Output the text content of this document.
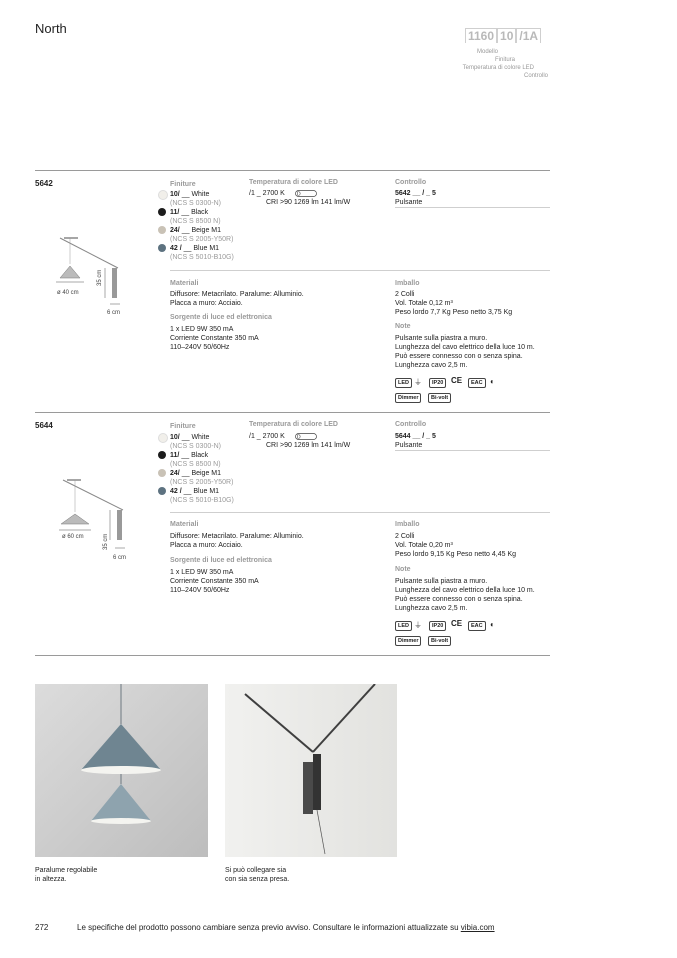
North	1160 10 /1A
Modello
Finitura
Temperatura di colore LED
Controllo
5642
ø 40 cm
35 cm
6 cm
Finiture
10/ __ White
(NCS S 0300-N)
11/ __ Black
(NCS S 8500 N)
24/ __ Beige M1
(NCS S 2005-Y50R)
42 / __ Blue M1
(NCS S 5010-B10G)
Temperatura di colore LED
/1 _ 2700 K D
CRI >90 1269 lm 141 lm/W
Controllo
5642 __ / _ 5
Pulsante
Materiali
Diffusore: Metacrilato. Paralume: Alluminio.
Placca a muro: Acciaio.
Sorgente di luce ed elettronica
1 x LED 9W 350 mA
Corriente Constante 350 mA
110–240V 50/60Hz
Imballo
2 Colli
Vol. Totale 0,12 m³
Peso lordo 7,7 Kg Peso netto 3,75 Kg
Note
Pulsante sulla piastra a muro.
Lunghezza del cavo elettrico della luce 10 m.
Può essere connesso con o senza spina.
Lunghezza cavo 2,5 m.
LED ⏚	IP20 CE	EAC ◐
Dimmer	Bi-volt
5644
ø 60 cm	35 cm
6 cm
Finiture
10/ __ White
(NCS S 0300-N)
11/ __ Black
(NCS S 8500 N)
24/ __ Beige M1
(NCS S 2005-Y50R)
42 / __ Blue M1
(NCS S 5010-B10G)
Temperatura di colore LED
/1 _ 2700 K D
CRI >90 1269 lm 141 lm/W
Controllo
5644 __ / _ 5
Pulsante
Materiali
Diffusore: Metacrilato. Paralume: Alluminio.
Placca a muro: Acciaio.
Sorgente di luce ed elettronica
1 x LED 9W 350 mA
Corriente Constante 350 mA
110–240V 50/60Hz
Imballo
2 Colli
Vol. Totale 0,20 m³
Peso lordo 9,15 Kg Peso netto 4,45 Kg
Note
Pulsante sulla piastra a muro.
Lunghezza del cavo elettrico della luce 10 m.
Può essere connesso con o senza spina.
Lunghezza cavo 2,5 m.
LED ⏚	IP20 CE	EAC ◐
Dimmer	Bi-volt
Paralume regolabile
in altezza.
Si può collegare sia
con sia senza presa.
272	Le specifiche del prodotto possono cambiare senza previo avviso. Consultare le informazioni attualizzate su vibia.com
